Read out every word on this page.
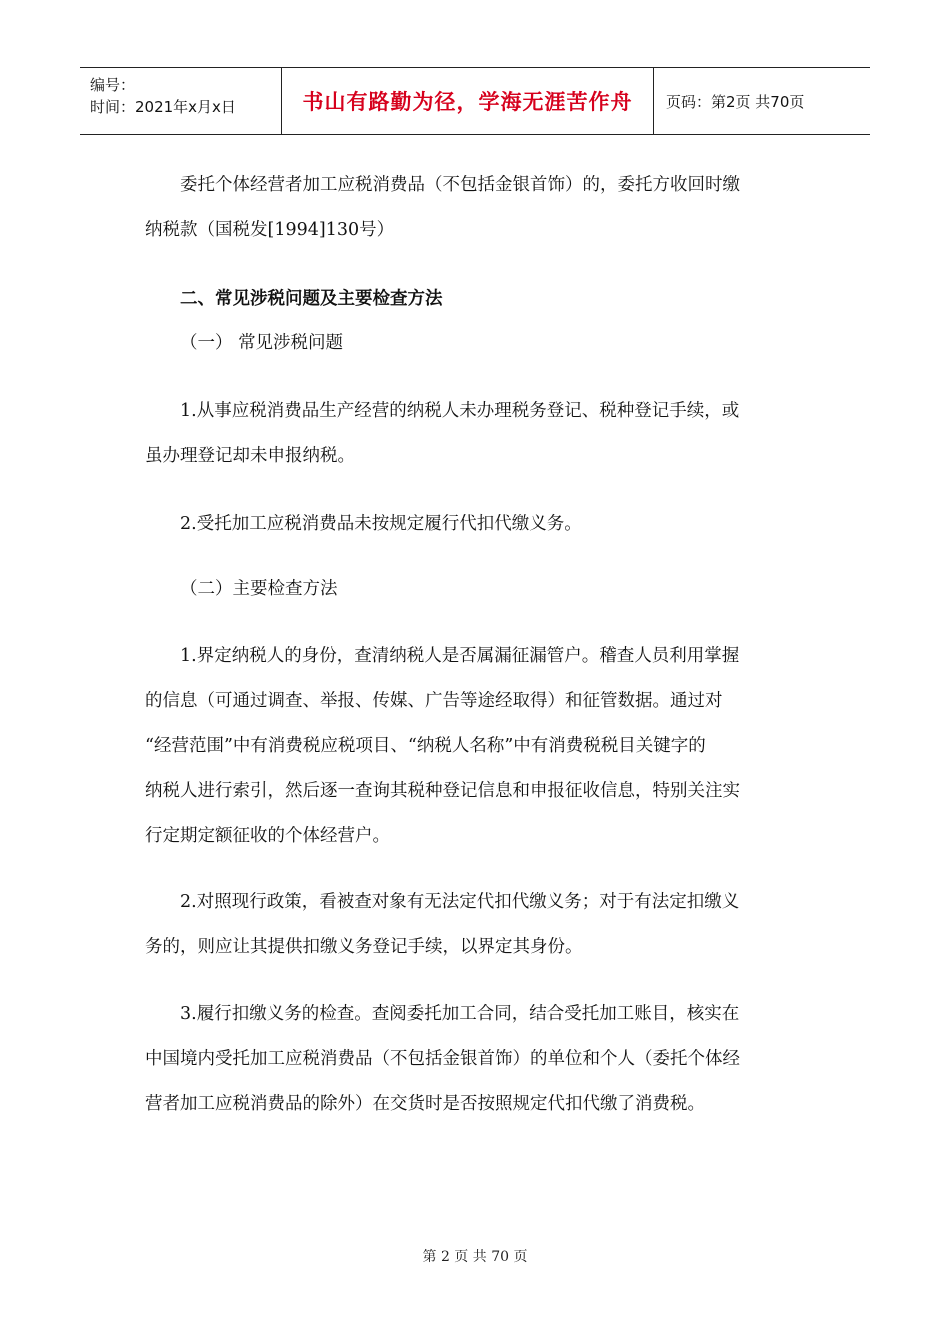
编号：
时间：2021年x月x日	书山有路勤为径，学海无涯苦作舟	页码：第2页 共70页
委托个体经营者加工应税消费品（不包括金银首饰）的，委托方收回时缴
纳税款（国税发[1994]130号）
二、常见涉税问题及主要检查方法
（一） 常见涉税问题
1.从事应税消费品生产经营的纳税人未办理税务登记、税种登记手续，或
虽办理登记却未申报纳税。
2.受托加工应税消费品未按规定履行代扣代缴义务。
（二）主要检查方法
1.界定纳税人的身份，查清纳税人是否属漏征漏管户。稽查人员利用掌握
的信息（可通过调查、举报、传媒、广告等途经取得）和征管数据。通过对
“经营范围”中有消费税应税项目、“纳税人名称”中有消费税税目关键字的
纳税人进行索引，然后逐一查询其税种登记信息和申报征收信息，特别关注实
行定期定额征收的个体经营户。
2.对照现行政策，看被查对象有无法定代扣代缴义务；对于有法定扣缴义
务的，则应让其提供扣缴义务登记手续，以界定其身份。
3.履行扣缴义务的检查。查阅委托加工合同，结合受托加工账目，核实在
中国境内受托加工应税消费品（不包括金银首饰）的单位和个人（委托个体经
营者加工应税消费品的除外）在交货时是否按照规定代扣代缴了消费税。
第 2 页 共 70 页
